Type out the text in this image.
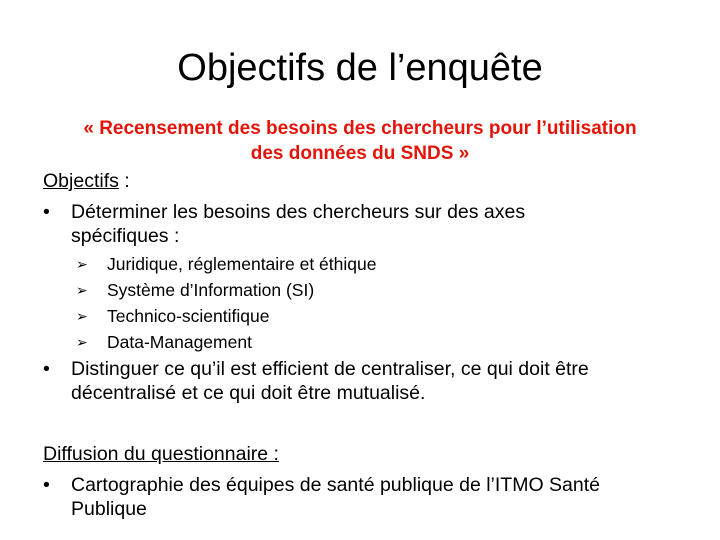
Objectifs de l’enquête
« Recensement des besoins des chercheurs pour l’utilisation
des données du SNDS »
Objectifs :
• Déterminer les besoins des chercheurs sur des axes spécifiques :
➢ Juridique, réglementaire et éthique
➢ Système d’Information (SI)
➢ Technico-scientifique
➢ Data-Management
• Distinguer ce qu’il est efficient de centraliser, ce qui doit être décentralisé et ce qui doit être mutualisé.
Diffusion du questionnaire :
• Cartographie des équipes de santé publique de l’ITMO Santé Publique
